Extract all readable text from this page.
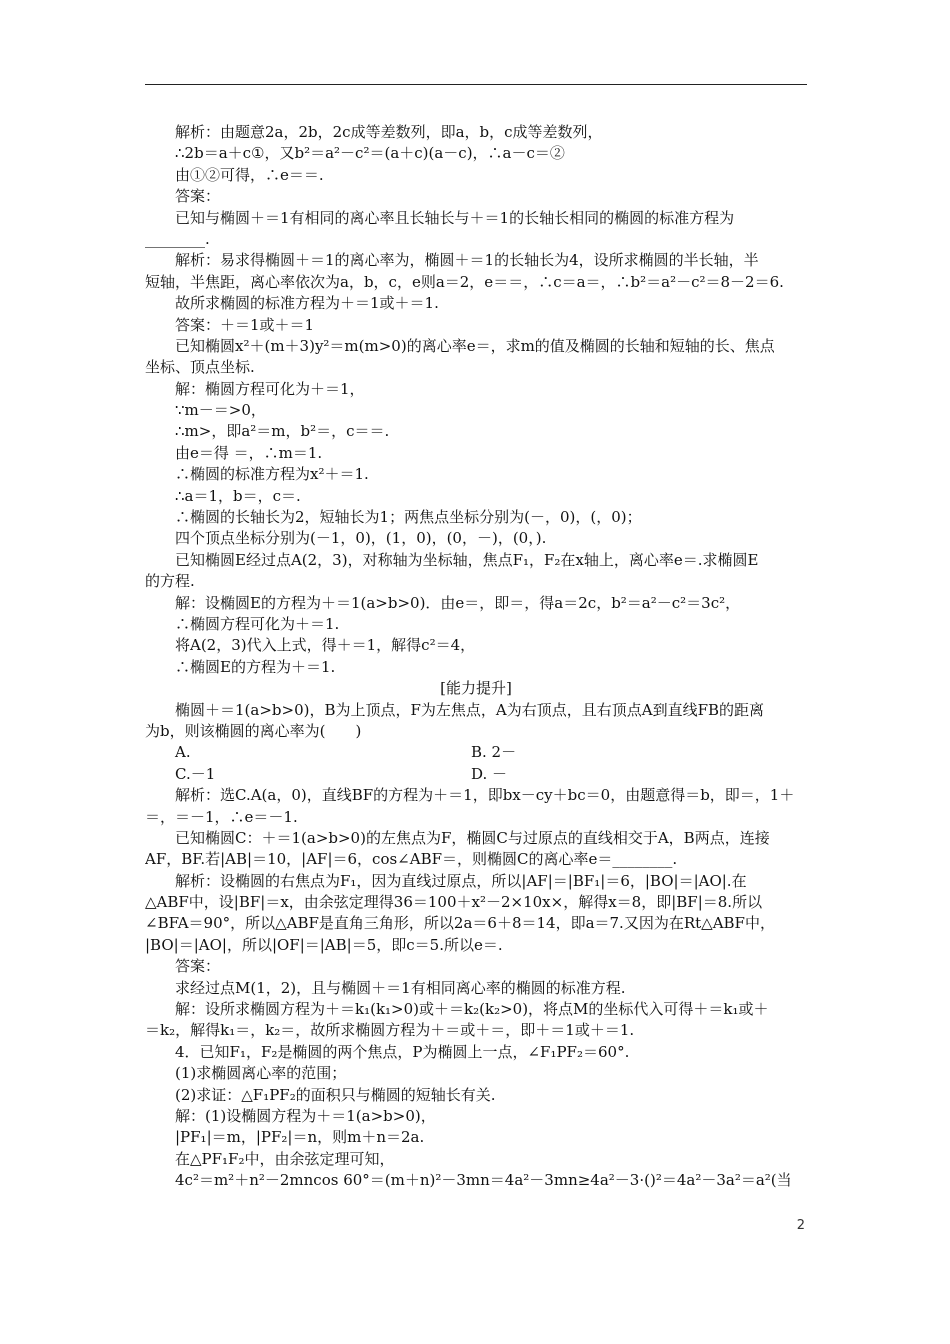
解析：由题意2a，2b，2c成等差数列，即a，b，c成等差数列，
∴2b＝a＋c①，又b²＝a²－c²＝(a＋c)(a－c)，∴a－c＝②
由①②可得，∴e＝＝.
答案：
已知与椭圆＋＝1有相同的离心率且长轴长与＋＝1的长轴长相同的椭圆的标准方程为
________.
解析：易求得椭圆＋＝1的离心率为，椭圆＋＝1的长轴长为4，设所求椭圆的半长轴，半
短轴，半焦距，离心率依次为a，b，c，e则a＝2，e＝＝，∴c＝a＝，∴b²＝a²－c²＝8－2＝6.
故所求椭圆的标准方程为＋＝1或＋＝1.
答案：＋＝1或＋＝1
已知椭圆x²＋(m＋3)y²＝m(m>0)的离心率e＝，求m的值及椭圆的长轴和短轴的长、焦点
坐标、顶点坐标.
解：椭圆方程可化为＋＝1，
∵m－＝>0，
∴m>，即a²＝m，b²＝，c＝＝.
由e＝得 ＝，∴m＝1.
∴椭圆的标准方程为x²＋＝1.
∴a＝1，b＝，c＝.
∴椭圆的长轴长为2，短轴长为1；两焦点坐标分别为(－，0)，(，0)；
四个顶点坐标分别为(－1，0)，(1，0)，(0，－)，(0，).
已知椭圆E经过点A(2，3)，对称轴为坐标轴，焦点F₁，F₂在x轴上，离心率e＝.求椭圆E
的方程.
解：设椭圆E的方程为＋＝1(a>b>0)．由e＝，即＝，得a＝2c，b²＝a²－c²＝3c²，
∴椭圆方程可化为＋＝1.
将A(2，3)代入上式，得＋＝1，解得c²＝4，
∴椭圆E的方程为＋＝1.
[能力提升]
椭圆＋＝1(a>b>0)，B为上顶点，F为左焦点，A为右顶点，且右顶点A到直线FB的距离
为b，则该椭圆的离心率为(　　)
A.	B. 2－
C.－1	D. －
解析：选C.A(a，0)，直线BF的方程为＋＝1，即bx－cy＋bc＝0，由题意得＝b，即＝，1＋
＝，＝－1，∴e＝－1.
已知椭圆C：＋＝1(a>b>0)的左焦点为F，椭圆C与过原点的直线相交于A，B两点，连接
AF，BF.若|AB|＝10，|AF|＝6，cos∠ABF＝，则椭圆C的离心率e＝________.
解析：设椭圆的右焦点为F₁，因为直线过原点，所以|AF|＝|BF₁|＝6，|BO|＝|AO|.在
△ABF中，设|BF|＝x，由余弦定理得36＝100＋x²－2×10x×，解得x＝8，即|BF|＝8.所以
∠BFA＝90°，所以△ABF是直角三角形，所以2a＝6＋8＝14，即a＝7.又因为在Rt△ABF中，
|BO|＝|AO|，所以|OF|＝|AB|＝5，即c＝5.所以e＝.
答案：
求经过点M(1，2)，且与椭圆＋＝1有相同离心率的椭圆的标准方程.
解：设所求椭圆方程为＋＝k₁(k₁>0)或＋＝k₂(k₂>0)，将点M的坐标代入可得＋＝k₁或＋
＝k₂，解得k₁＝，k₂＝，故所求椭圆方程为＋＝或＋＝，即＋＝1或＋＝1.
4．已知F₁，F₂是椭圆的两个焦点，P为椭圆上一点，∠F₁PF₂＝60°.
(1)求椭圆离心率的范围；
(2)求证：△F₁PF₂的面积只与椭圆的短轴长有关.
解：(1)设椭圆方程为＋＝1(a>b>0)，
|PF₁|＝m，|PF₂|＝n，则m＋n＝2a.
在△PF₁F₂中，由余弦定理可知，
4c²＝m²＋n²－2mncos 60°＝(m＋n)²－3mn＝4a²－3mn≥4a²－3·()²＝4a²－3a²＝a²(当
2
